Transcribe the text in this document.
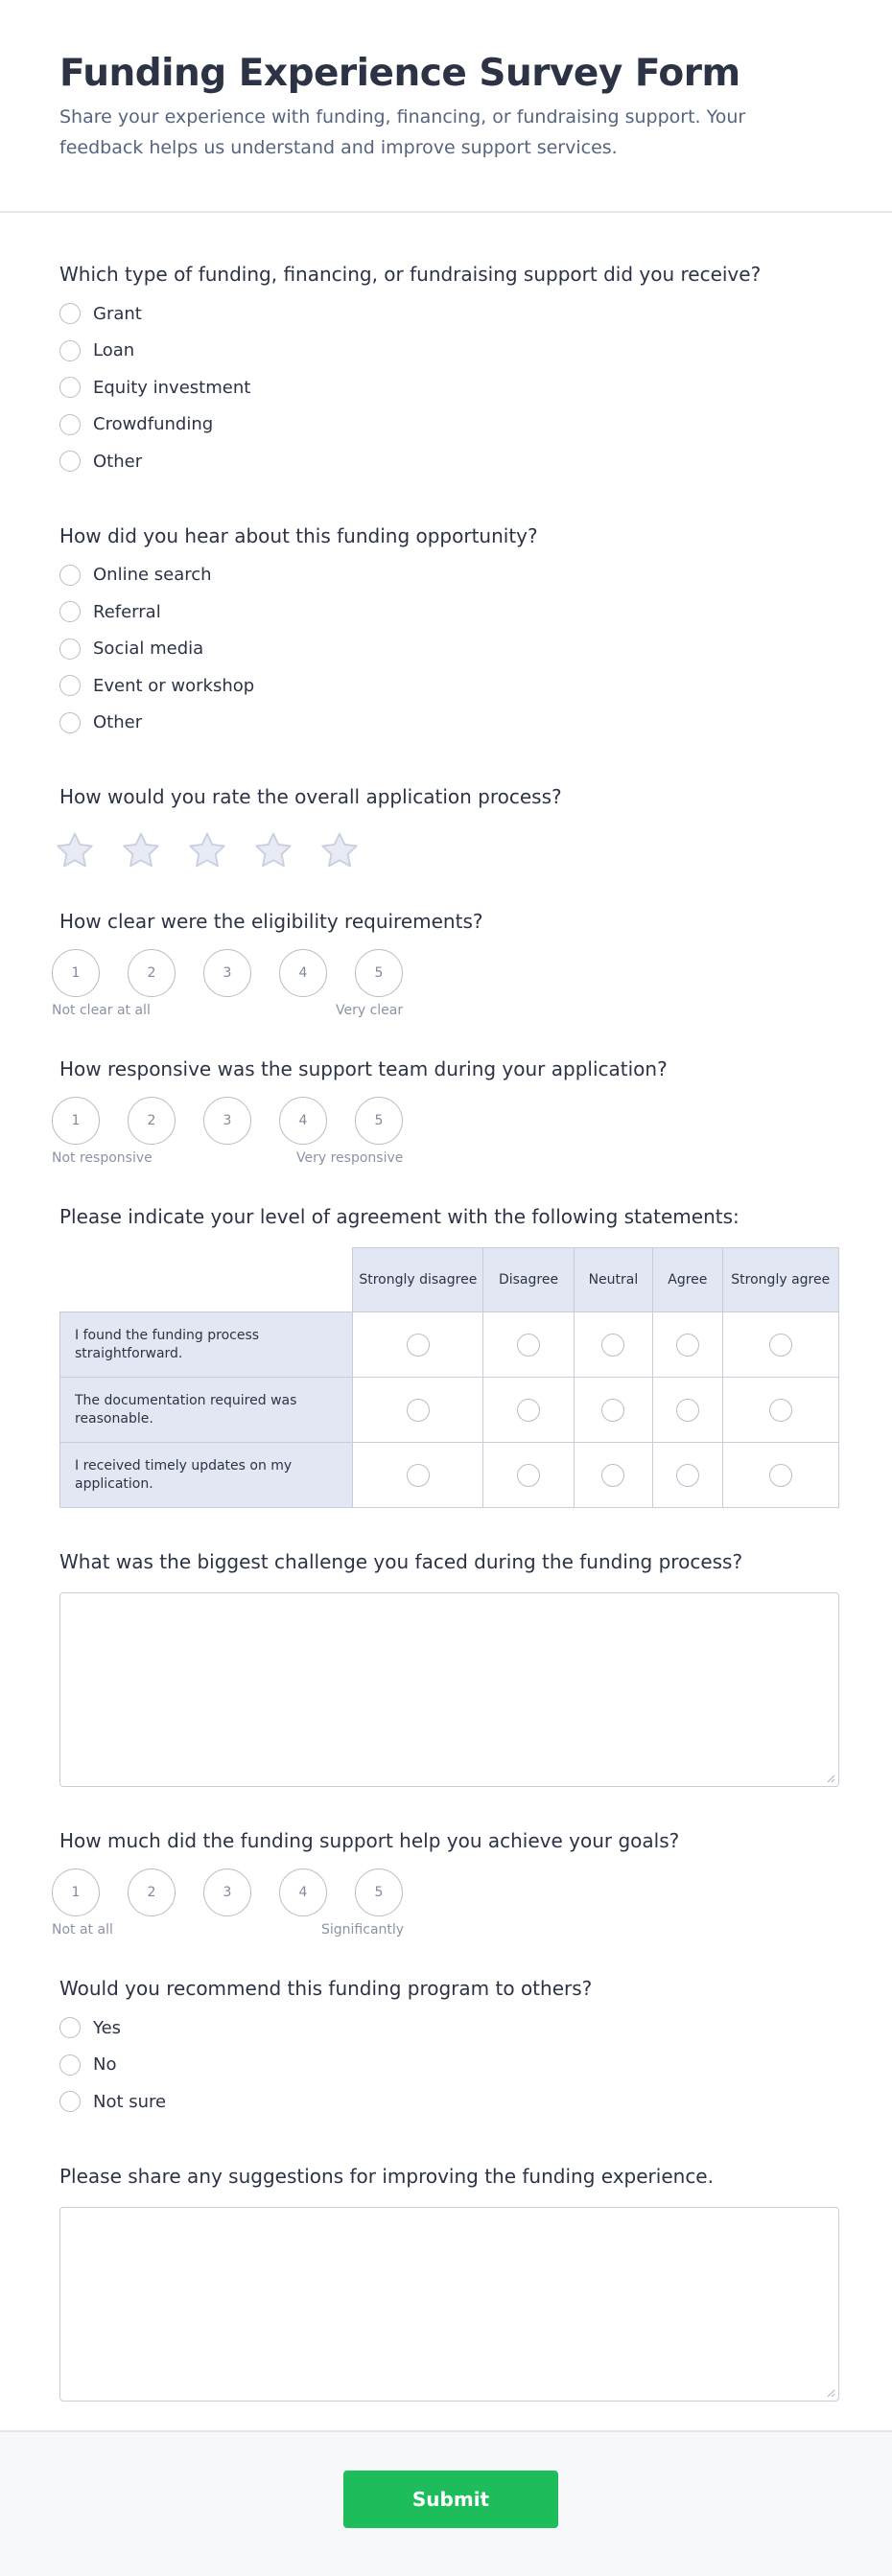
Funding Experience Survey Form
Share your experience with funding, financing, or fundraising support. Your feedback helps us understand and improve support services.

Which type of funding, financing, or fundraising support did you receive?

Grant
Loan
Equity investment
Crowdfunding
Other

How did you hear about this funding opportunity?

Online search
Referral
Social media
Event or workshop
Other

How would you rate the overall application process?

How clear were the eligibility requirements?

1	2	3	4	5
Not clear at all	Very clear

How responsive was the support team during your application?

1	2	3	4	5
Not responsive	Very responsive

Please indicate your level of agreement with the following statements:

	Strongly disagree	Disagree	Neutral	Agree	Strongly agree
I found the funding process straightforward.					
The documentation required was reasonable.					
I received timely updates on my application.					

What was the biggest challenge you faced during the funding process?

How much did the funding support help you achieve your goals?

1	2	3	4	5
Not at all	Significantly

Would you recommend this funding program to others?

Yes
No
Not sure

Please share any suggestions for improving the funding experience.

Submit
